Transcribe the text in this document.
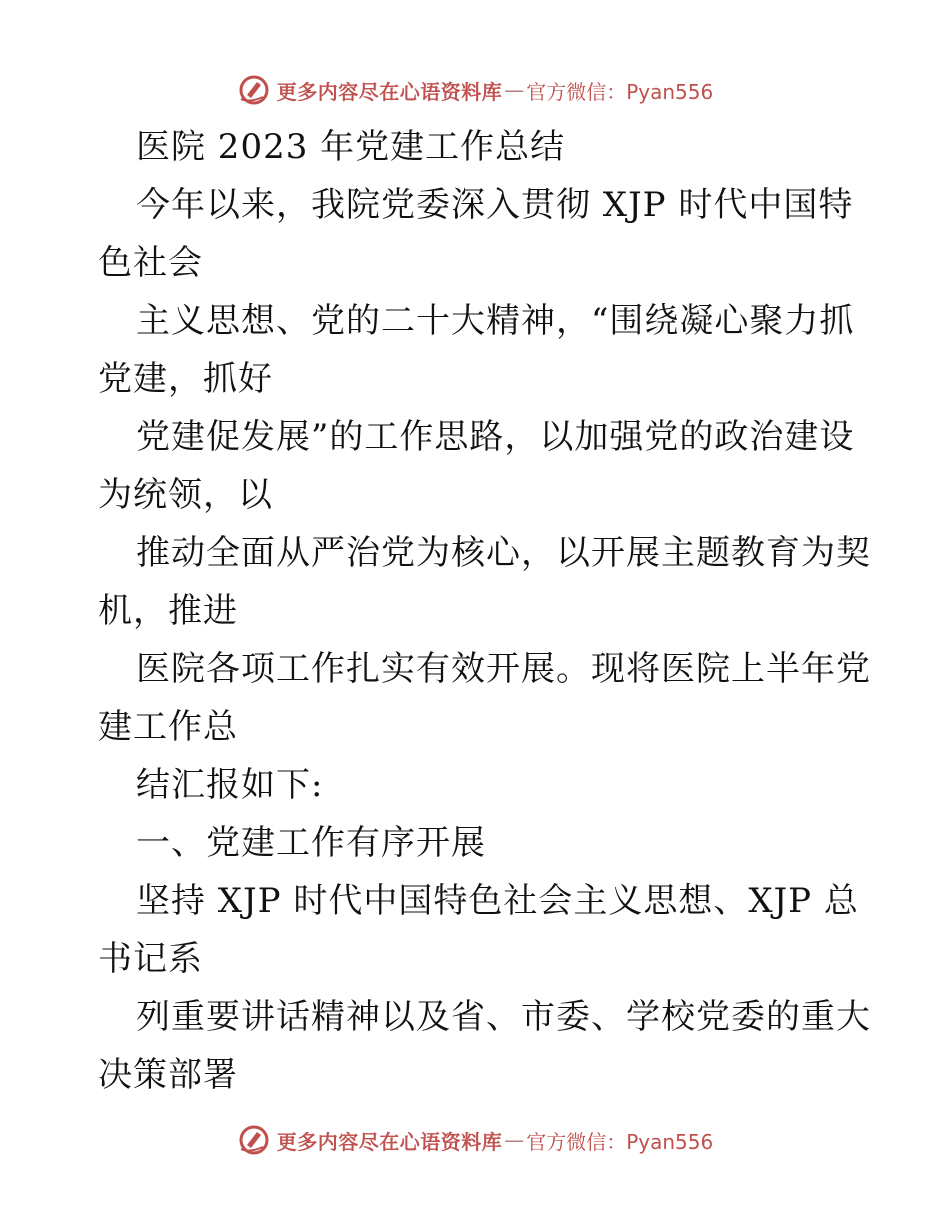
更多内容尽在心语资料库 — 官方微信：Pyan556
医院 2023 年党建工作总结
今年以来，我院党委深入贯彻 XJP 时代中国特
色社会
主义思想、党的二十大精神，“围绕凝心聚力抓
党建，抓好
党建促发展”的工作思路，以加强党的政治建设
为统领，以
推动全面从严治党为核心，以开展主题教育为契
机，推进
医院各项工作扎实有效开展。现将医院上半年党
建工作总
结汇报如下:
一、党建工作有序开展
坚持 XJP 时代中国特色社会主义思想、XJP 总
书记系
列重要讲话精神以及省、市委、学校党委的重大
决策部署
更多内容尽在心语资料库 — 官方微信：Pyan556
